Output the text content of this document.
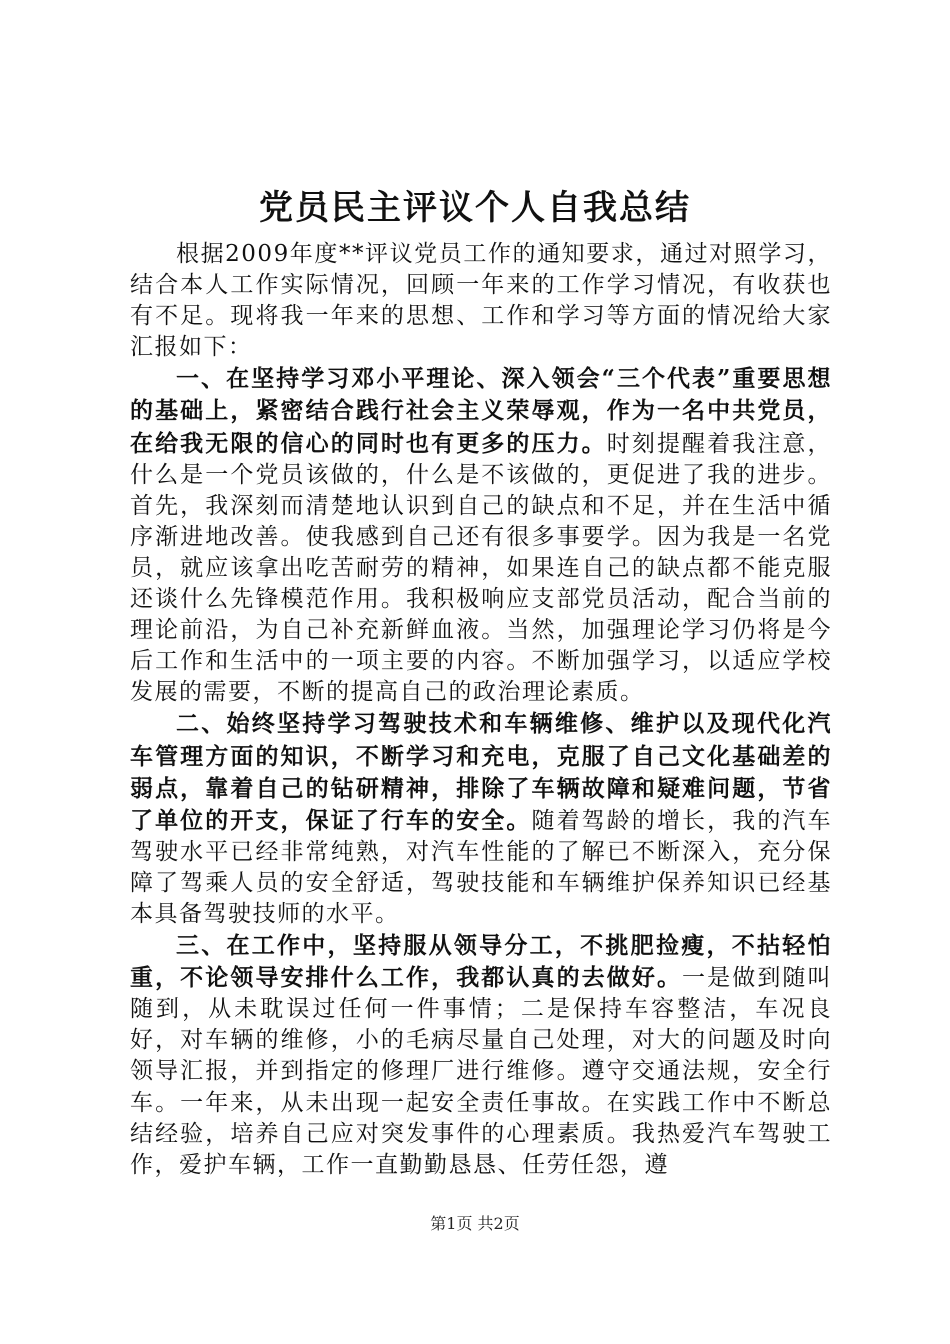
党员民主评议个人自我总结

根据2009年度**评议党员工作的通知要求，通过对照学习，结合本人工作实际情况，回顾一年来的工作学习情况，有收获也有不足。现将我一年来的思想、工作和学习等方面的情况给大家汇报如下：

一、在坚持学习邓小平理论、深入领会“三个代表”重要思想的基础上，紧密结合践行社会主义荣辱观，作为一名中共党员，在给我无限的信心的同时也有更多的压力。时刻提醒着我注意，什么是一个党员该做的，什么是不该做的，更促进了我的进步。首先，我深刻而清楚地认识到自己的缺点和不足，并在生活中循序渐进地改善。使我感到自己还有很多事要学。因为我是一名党员，就应该拿出吃苦耐劳的精神，如果连自己的缺点都不能克服还谈什么先锋模范作用。我积极响应支部党员活动，配合当前的理论前沿，为自己补充新鲜血液。当然，加强理论学习仍将是今后工作和生活中的一项主要的内容。不断加强学习，以适应学校发展的需要，不断的提高自己的政治理论素质。

二、始终坚持学习驾驶技术和车辆维修、维护以及现代化汽车管理方面的知识，不断学习和充电，克服了自己文化基础差的弱点，靠着自己的钻研精神，排除了车辆故障和疑难问题，节省了单位的开支，保证了行车的安全。随着驾龄的增长，我的汽车驾驶水平已经非常纯熟，对汽车性能的了解已不断深入，充分保障了驾乘人员的安全舒适，驾驶技能和车辆维护保养知识已经基本具备驾驶技师的水平。

三、在工作中，坚持服从领导分工，不挑肥捡瘦，不拈轻怕重，不论领导安排什么工作，我都认真的去做好。一是做到随叫随到，从未耽误过任何一件事情；二是保持车容整洁，车况良好，对车辆的维修，小的毛病尽量自己处理，对大的问题及时向领导汇报，并到指定的修理厂进行维修。遵守交通法规，安全行车。一年来，从未出现一起安全责任事故。在实践工作中不断总结经验，培养自己应对突发事件的心理素质。我热爱汽车驾驶工作，爱护车辆，工作一直勤勤恳恳、任劳任怨，遵

第1页 共2页
